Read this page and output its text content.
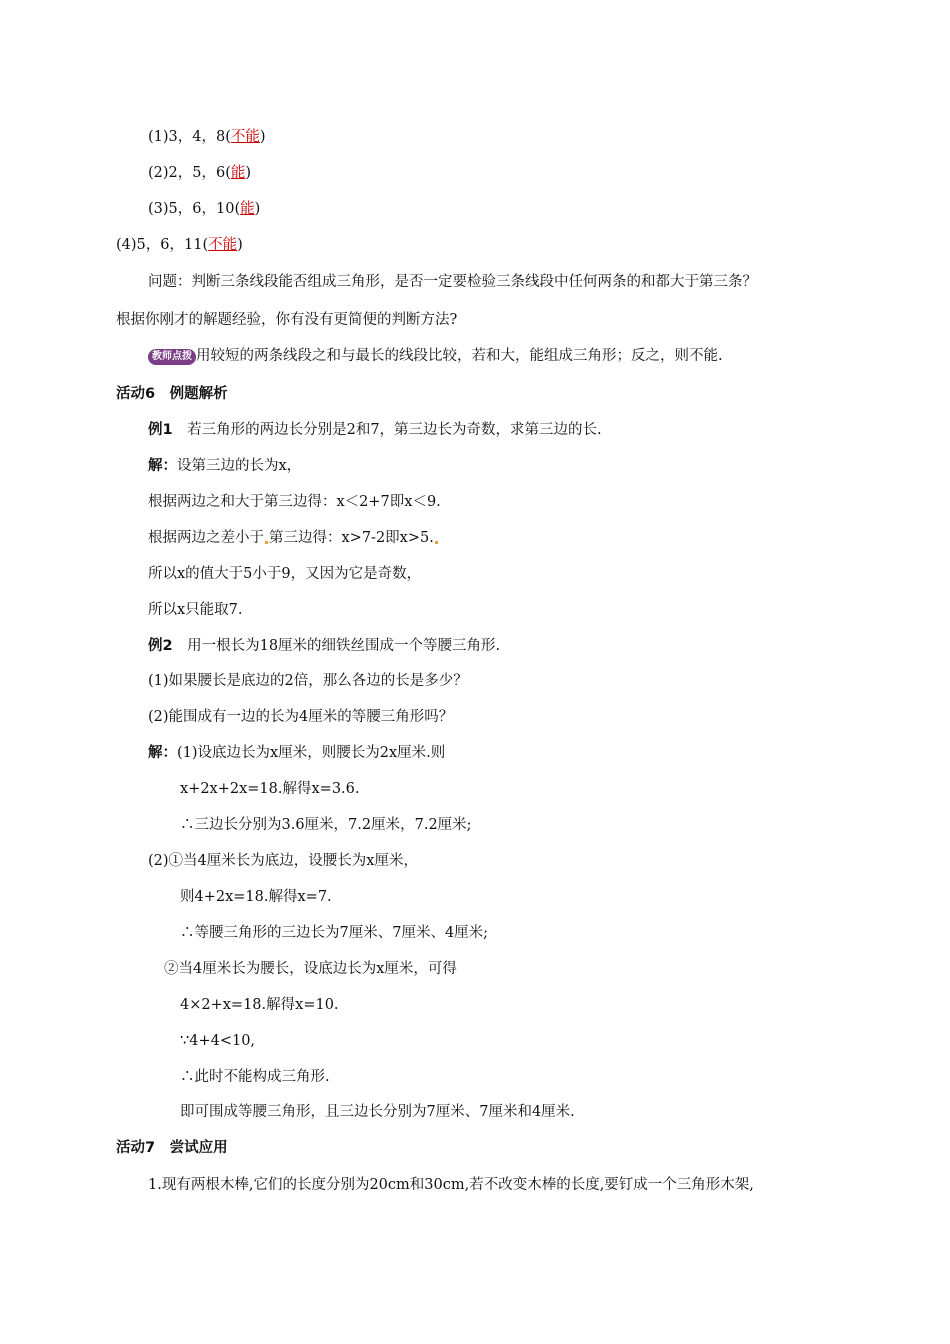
(1)3，4，8(不能)
(2)2，5，6(能)
(3)5，6，10(能)
(4)5，6，11(不能)
问题：判断三条线段能否组成三角形，是否一定要检验三条线段中任何两条的和都大于第三条？
根据你刚才的解题经验，你有没有更简便的判断方法?
教师点拨 用较短的两条线段之和与最长的线段比较，若和大，能组成三角形；反之，则不能.
活动6　例题解析
例1　若三角形的两边长分别是2和7，第三边长为奇数，求第三边的长.
解：设第三边的长为x，
根据两边之和大于第三边得：x＜2+7即x＜9.
根据两边之差小于 第三边得：x>7-2即x>5.
所以x的值大于5小于9，又因为它是奇数，
所以x只能取7.
例2　用一根长为18厘米的细铁丝围成一个等腰三角形.
(1)如果腰长是底边的2倍，那么各边的长是多少？
(2)能围成有一边的长为4厘米的等腰三角形吗？
解：(1)设底边长为x厘米，则腰长为2x厘米.则
x+2x+2x=18.解得x=3.6.
∴三边长分别为3.6厘米，7.2厘米，7.2厘米;
(2)①当4厘米长为底边，设腰长为x厘米，
则4+2x=18.解得x=7.
∴等腰三角形的三边长为7厘米、7厘米、4厘米;
②当4厘米长为腰长，设底边长为x厘米，可得
4×2+x=18.解得x=10.
∵4+4<10,
∴此时不能构成三角形.
即可围成等腰三角形，且三边长分别为7厘米、7厘米和4厘米.
活动7　尝试应用
1.现有两根木棒,它们的长度分别为20cm和30cm,若不改变木棒的长度,要钉成一个三角形木架,
